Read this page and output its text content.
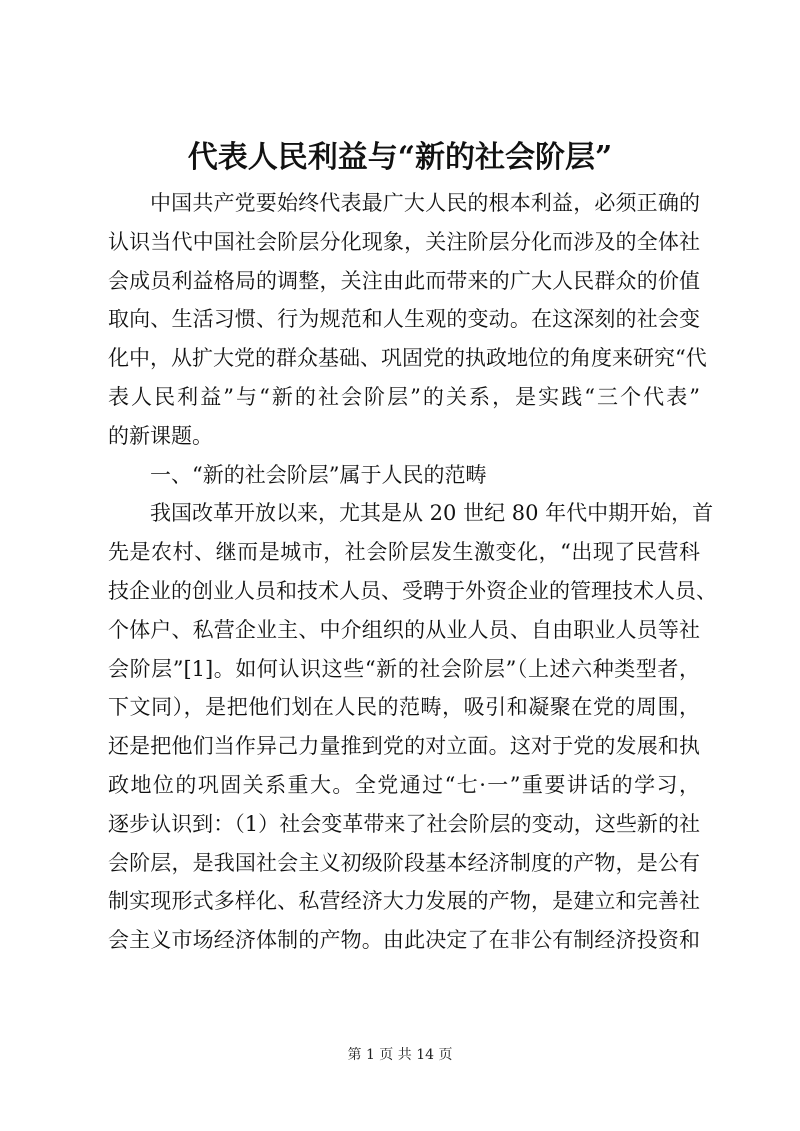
代表人民利益与“新的社会阶层”
中国共产党要始终代表最广大人民的根本利益，必须正确的
认识当代中国社会阶层分化现象，关注阶层分化而涉及的全体社
会成员利益格局的调整，关注由此而带来的广大人民群众的价值
取向、生活习惯、行为规范和人生观的变动。在这深刻的社会变
化中，从扩大党的群众基础、巩固党的执政地位的角度来研究“代
表人民利益”与“新的社会阶层”的关系，是实践“三个代表”
的新课题。
一、“新的社会阶层”属于人民的范畴
我国改革开放以来，尤其是从 20 世纪 80 年代中期开始，首
先是农村、继而是城市，社会阶层发生激变化，“出现了民营科
技企业的创业人员和技术人员、受聘于外资企业的管理技术人员、
个体户、私营企业主、中介组织的从业人员、自由职业人员等社
会阶层”[1]。如何认识这些“新的社会阶层”（上述六种类型者，
下文同），是把他们划在人民的范畴，吸引和凝聚在党的周围，
还是把他们当作异己力量推到党的对立面。这对于党的发展和执
政地位的巩固关系重大。全党通过“七·一”重要讲话的学习，
逐步认识到：（1）社会变革带来了社会阶层的变动，这些新的社
会阶层，是我国社会主义初级阶段基本经济制度的产物，是公有
制实现形式多样化、私营经济大力发展的产物，是建立和完善社
会主义市场经济体制的产物。由此决定了在非公有制经济投资和
第 1 页 共 14 页
